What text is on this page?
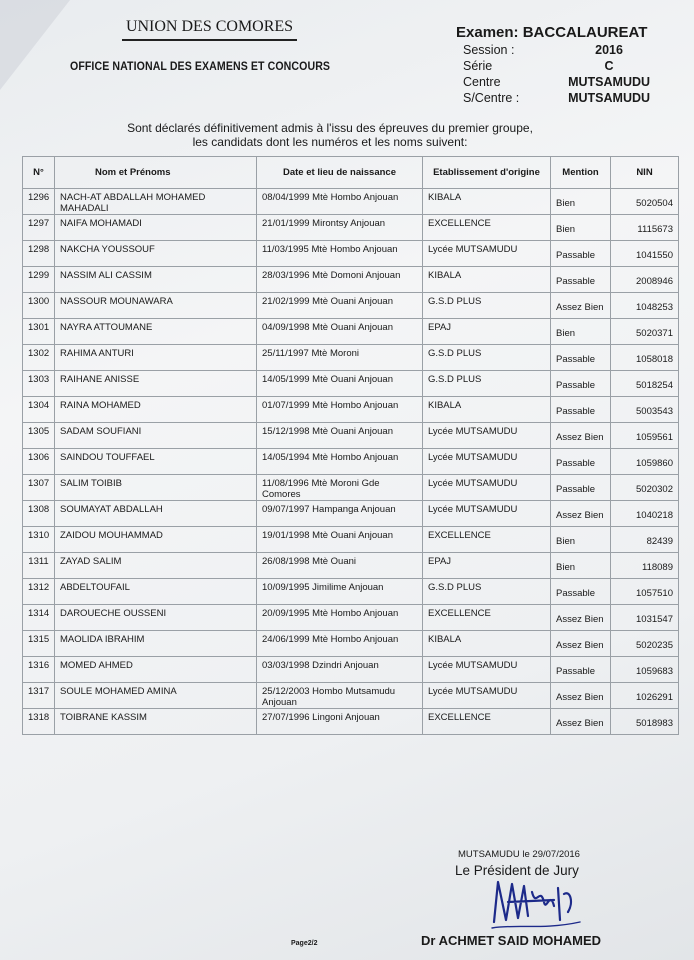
UNION DES COMORES
OFFICE NATIONAL DES EXAMENS ET CONCOURS
Examen: BACCALAUREAT
Session :	2016
Série	C
Centre	MUTSAMUDU
S/Centre :	MUTSAMUDU
Sont déclarés définitivement admis à l'issu des épreuves du premier groupe,
les candidats dont les numéros et les noms suivent:
N°	Nom et Prénoms	Date et lieu de naissance	Etablissement d'origine	Mention	NIN
1296	NACH-AT ABDALLAH MOHAMED MAHADALI	08/04/1999 Mtè Hombo Anjouan	KIBALA	Bien	5020504
1297	NAIFA MOHAMADI	21/01/1999 Mirontsy Anjouan	EXCELLENCE	Bien	1115673
1298	NAKCHA YOUSSOUF	11/03/1995 Mtè Hombo Anjouan	Lycée MUTSAMUDU	Passable	1041550
1299	NASSIM ALI CASSIM	28/03/1996 Mtè Domoni Anjouan	KIBALA	Passable	2008946
1300	NASSOUR MOUNAWARA	21/02/1999 Mtè Ouani Anjouan	G.S.D PLUS	Assez Bien	1048253
1301	NAYRA ATTOUMANE	04/09/1998 Mtè Ouani Anjouan	EPAJ	Bien	5020371
1302	RAHIMA ANTURI	25/11/1997 Mtè Moroni	G.S.D PLUS	Passable	1058018
1303	RAIHANE ANISSE	14/05/1999 Mtè Ouani Anjouan	G.S.D PLUS	Passable	5018254
1304	RAINA MOHAMED	01/07/1999 Mtè Hombo Anjouan	KIBALA	Passable	5003543
1305	SADAM SOUFIANI	15/12/1998 Mtè Ouani Anjouan	Lycée MUTSAMUDU	Assez Bien	1059561
1306	SAINDOU TOUFFAEL	14/05/1994 Mtè Hombo Anjouan	Lycée MUTSAMUDU	Passable	1059860
1307	SALIM TOIBIB	11/08/1996 Mtè Moroni Gde Comores	Lycée MUTSAMUDU	Passable	5020302
1308	SOUMAYAT ABDALLAH	09/07/1997 Hampanga Anjouan	Lycée MUTSAMUDU	Assez Bien	1040218
1310	ZAIDOU MOUHAMMAD	19/01/1998 Mtè Ouani Anjouan	EXCELLENCE	Bien	82439
1311	ZAYAD SALIM	26/08/1998 Mtè Ouani	EPAJ	Bien	118089
1312	ABDELTOUFAIL	10/09/1995 Jimilime Anjouan	G.S.D PLUS	Passable	1057510
1314	DAROUECHE OUSSENI	20/09/1995 Mtè Hombo Anjouan	EXCELLENCE	Assez Bien	1031547
1315	MAOLIDA IBRAHIM	24/06/1999 Mtè Hombo Anjouan	KIBALA	Assez Bien	5020235
1316	MOMED AHMED	03/03/1998 Dzindri Anjouan	Lycée MUTSAMUDU	Passable	1059683
1317	SOULE MOHAMED AMINA	25/12/2003 Hombo Mutsamudu Anjouan	Lycée MUTSAMUDU	Assez Bien	1026291
1318	TOIBRANE KASSIM	27/07/1996 Lingoni Anjouan	EXCELLENCE	Assez Bien	5018983
MUTSAMUDU le 29/07/2016
Le Président de Jury
Page2/2	Dr ACHMET SAID MOHAMED
